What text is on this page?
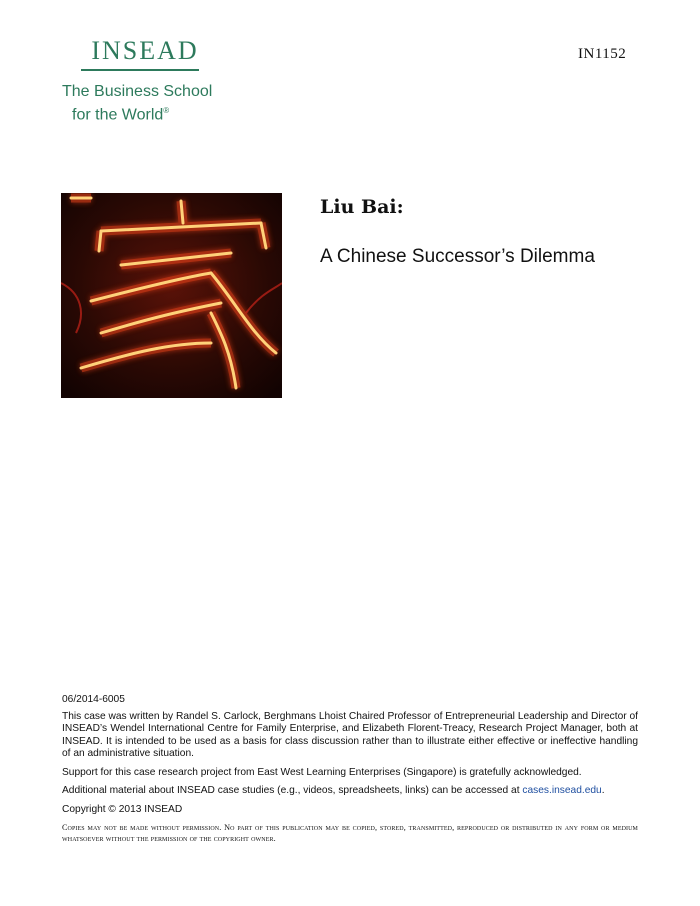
INSEAD
The Business School
for the World®
IN1152
Liu Bai:
A Chinese Successor’s Dilemma

06/2014-6005

This case was written by Randel S. Carlock, Berghmans Lhoist Chaired Professor of Entrepreneurial Leadership and Director of INSEAD’s Wendel International Centre for Family Enterprise, and Elizabeth Florent-Treacy, Research Project Manager, both at INSEAD. It is intended to be used as a basis for class discussion rather than to illustrate either effective or ineffective handling of an administrative situation.

Support for this case research project from East West Learning Enterprises (Singapore) is gratefully acknowledged.

Additional material about INSEAD case studies (e.g., videos, spreadsheets, links) can be accessed at cases.insead.edu.

Copyright © 2013 INSEAD

Copies may not be made without permission. No part of this publication may be copied, stored, transmitted, reproduced or distributed in any form or medium whatsoever without the permission of the copyright owner.
